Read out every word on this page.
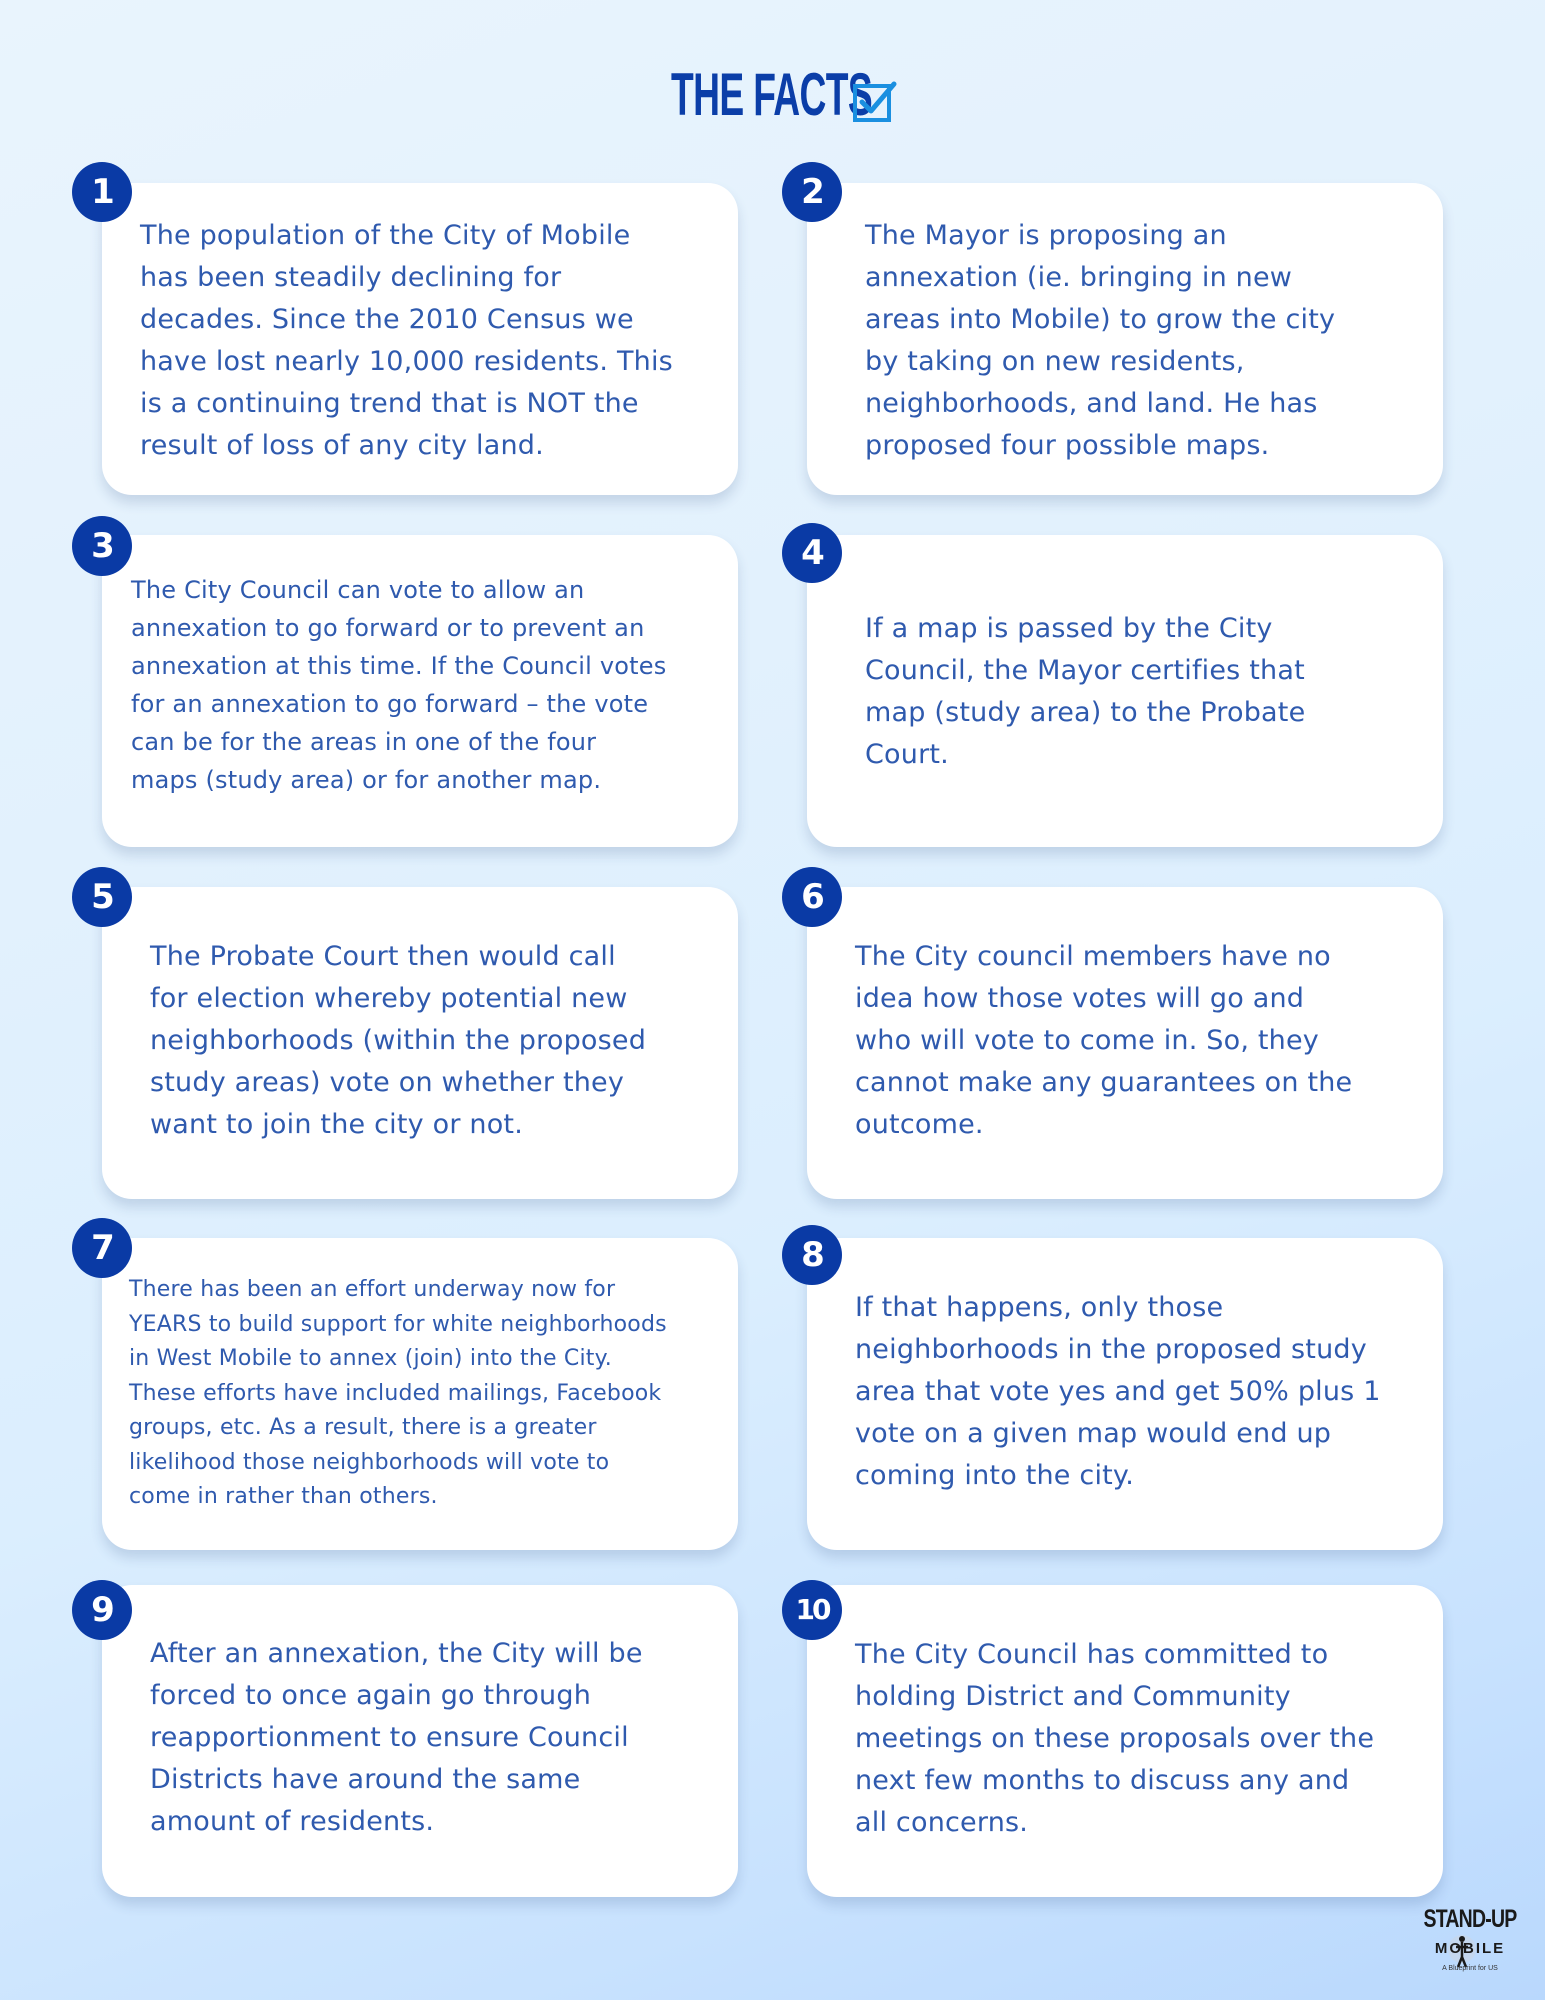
THE FACTS

The population of the City of Mobile
has been steadily declining for
decades. Since the 2010 Census we
have lost nearly 10,000 residents. This
is a continuing trend that is NOT the
result of loss of any city land.

1

The Mayor is proposing an
annexation (ie. bringing in new
areas into Mobile) to grow the city
by taking on new residents,
neighborhoods, and land. He has
proposed four possible maps.

2

The City Council can vote to allow an
annexation to go forward or to prevent an
annexation at this time. If the Council votes
for an annexation to go forward – the vote
can be for the areas in one of the four
maps (study area) or for another map.

3

If a map is passed by the City
Council, the Mayor certifies that
map (study area) to the Probate
Court.

4

The Probate Court then would call
for election whereby potential new
neighborhoods (within the proposed
study areas) vote on whether they
want to join the city or not.

5

The City council members have no
idea how those votes will go and
who will vote to come in. So, they
cannot make any guarantees on the
outcome.

6

There has been an effort underway now for
YEARS to build support for white neighborhoods
in West Mobile to annex (join) into the City.
These efforts have included mailings, Facebook
groups, etc. As a result, there is a greater
likelihood those neighborhoods will vote to
come in rather than others.

7

If that happens, only those
neighborhoods in the proposed study
area that vote yes and get 50% plus 1
vote on a given map would end up
coming into the city.

8

After an annexation, the City will be
forced to once again go through
reapportionment to ensure Council
Districts have around the same
amount of residents.

9

The City Council has committed to
holding District and Community
meetings on these proposals over the
next few months to discuss any and
all concerns.

10
STAND-UP
MOBILE
A Blueprint for US
